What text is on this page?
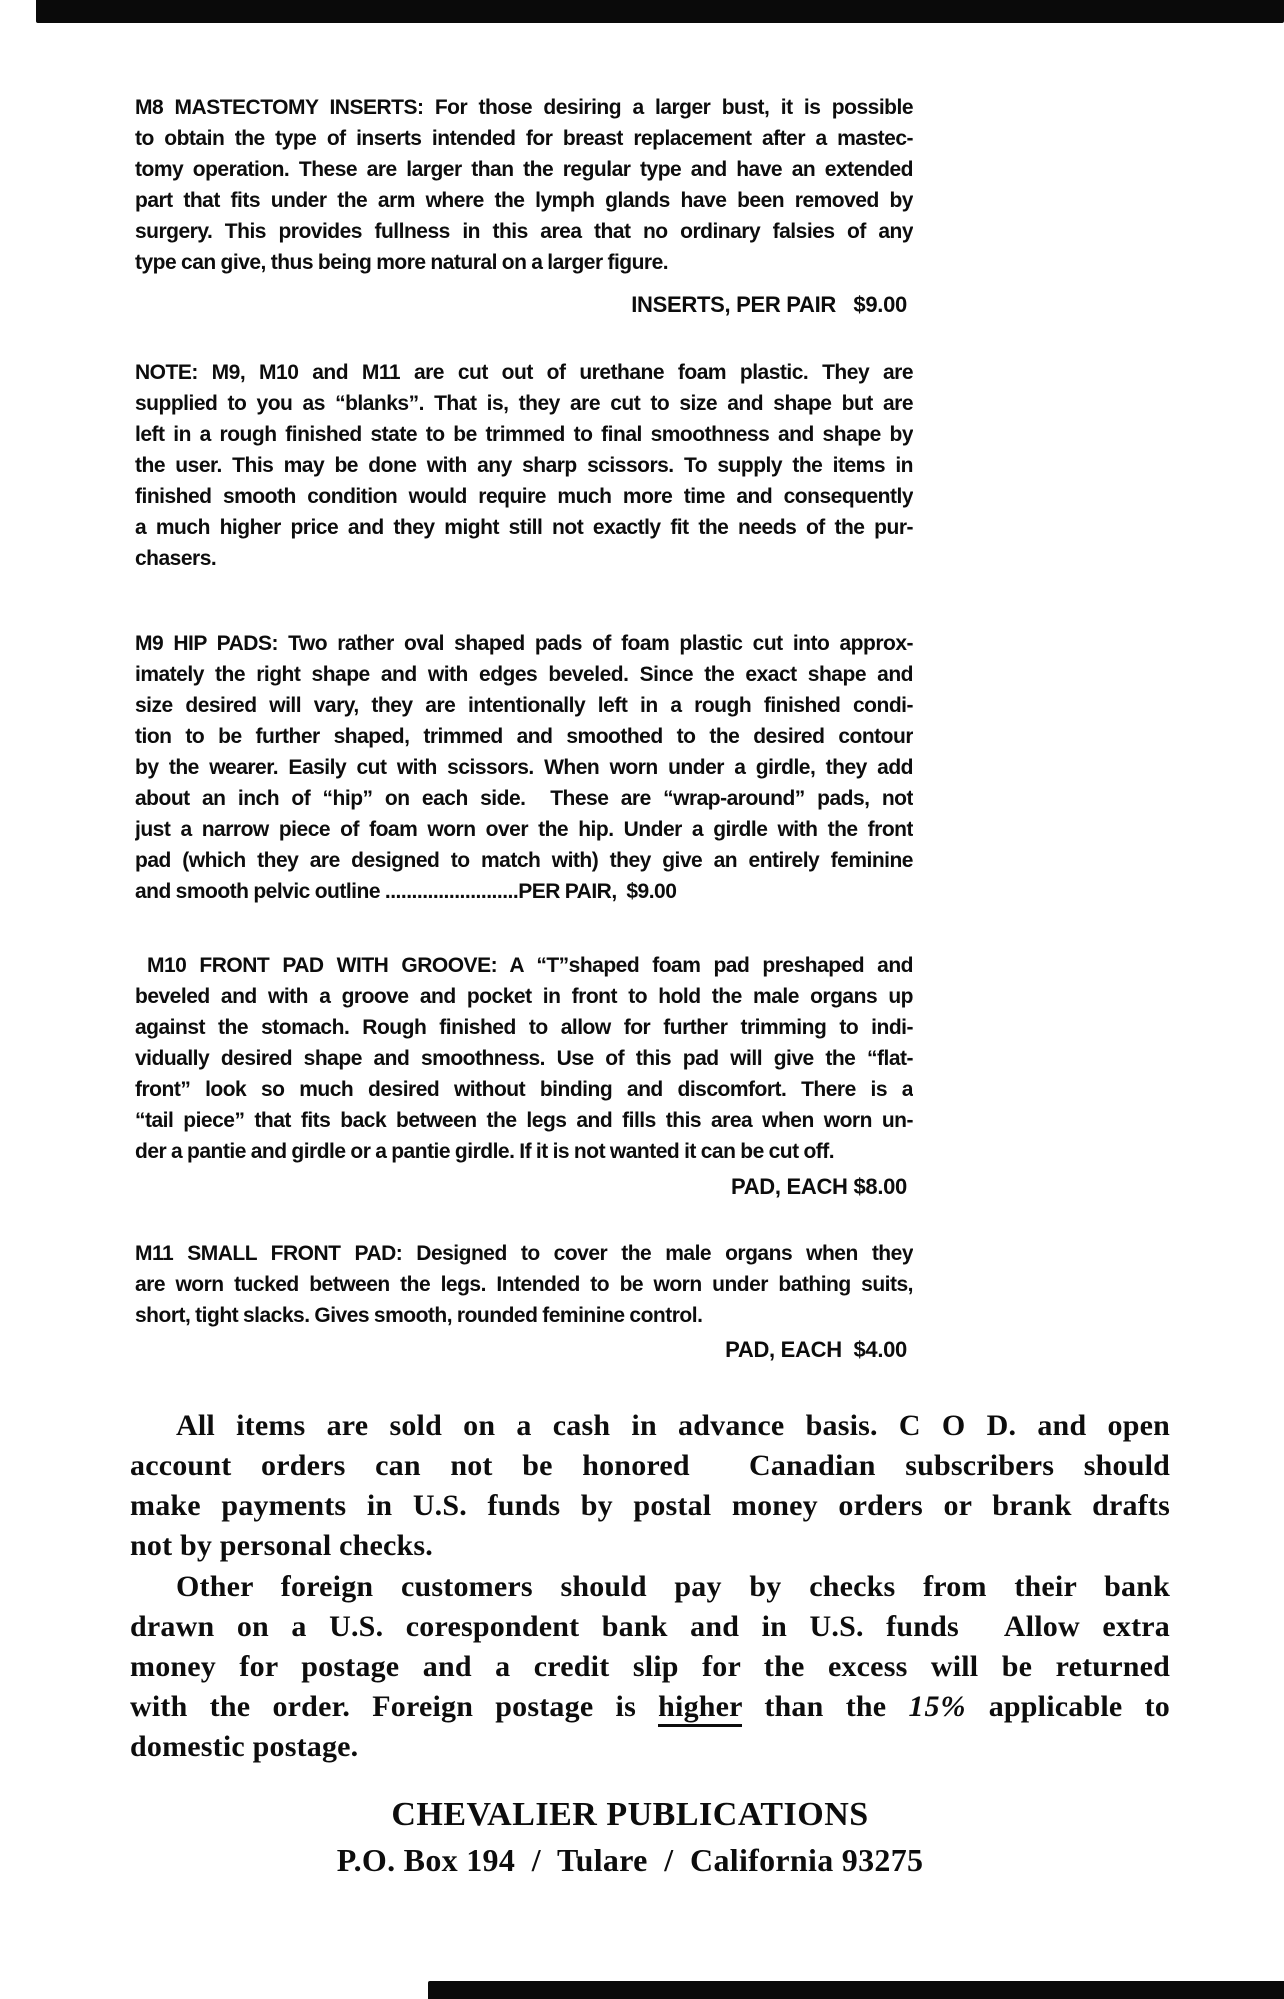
M8 MASTECTOMY INSERTS: For those desiring a larger bust, it is possible
to obtain the type of inserts intended for breast replacement after a mastec-
tomy operation. These are larger than the regular type and have an extended
part that fits under the arm where the lymph glands have been removed by
surgery. This provides fullness in this area that no ordinary falsies of any
type can give, thus being more natural on a larger figure.
INSERTS, PER PAIR   $9.00
NOTE: M9, M10 and M11 are cut out of urethane foam plastic. They are
supplied to you as “blanks”. That is, they are cut to size and shape but are
left in a rough finished state to be trimmed to final smoothness and shape by
the user. This may be done with any sharp scissors. To supply the items in
finished smooth condition would require much more time and consequently
a much higher price and they might still not exactly fit the needs of the pur-
chasers.
M9 HIP PADS: Two rather oval shaped pads of foam plastic cut into approx-
imately the right shape and with edges beveled. Since the exact shape and
size desired will vary, they are intentionally left in a rough finished condi-
tion to be further shaped, trimmed and smoothed to the desired contour
by the wearer. Easily cut with scissors. When worn under a girdle, they add
about an inch of “hip” on each side.  These are “wrap-around” pads, not
just a narrow piece of foam worn over the hip. Under a girdle with the front
pad (which they are designed to match with) they give an entirely feminine
and smooth pelvic outline .........................PER PAIR,  $9.00
M10 FRONT PAD WITH GROOVE: A “T”shaped foam pad preshaped and
beveled and with a groove and pocket in front to hold the male organs up
against the stomach. Rough finished to allow for further trimming to indi-
vidually desired shape and smoothness. Use of this pad will give the “flat-
front” look so much desired without binding and discomfort. There is a
“tail piece” that fits back between the legs and fills this area when worn un-
der a pantie and girdle or a pantie girdle. If it is not wanted it can be cut off.
PAD, EACH $8.00
M11 SMALL FRONT PAD: Designed to cover the male organs when they
are worn tucked between the legs. Intended to be worn under bathing suits,
short, tight slacks. Gives smooth, rounded feminine control.
PAD, EACH  $4.00
All items are sold on a cash in advance basis. C O D. and open
account orders can not be honored  Canadian subscribers should
make payments in U.S. funds by postal money orders or brank drafts
not by personal checks.
Other foreign customers should pay by checks from their bank
drawn on a U.S. corespondent bank and in U.S. funds  Allow extra
money for postage and a credit slip for the excess will be returned
with the order. Foreign postage is higher than the 15% applicable to
domestic postage.
CHEVALIER PUBLICATIONS
P.O. Box 194  /  Tulare  /  California 93275
